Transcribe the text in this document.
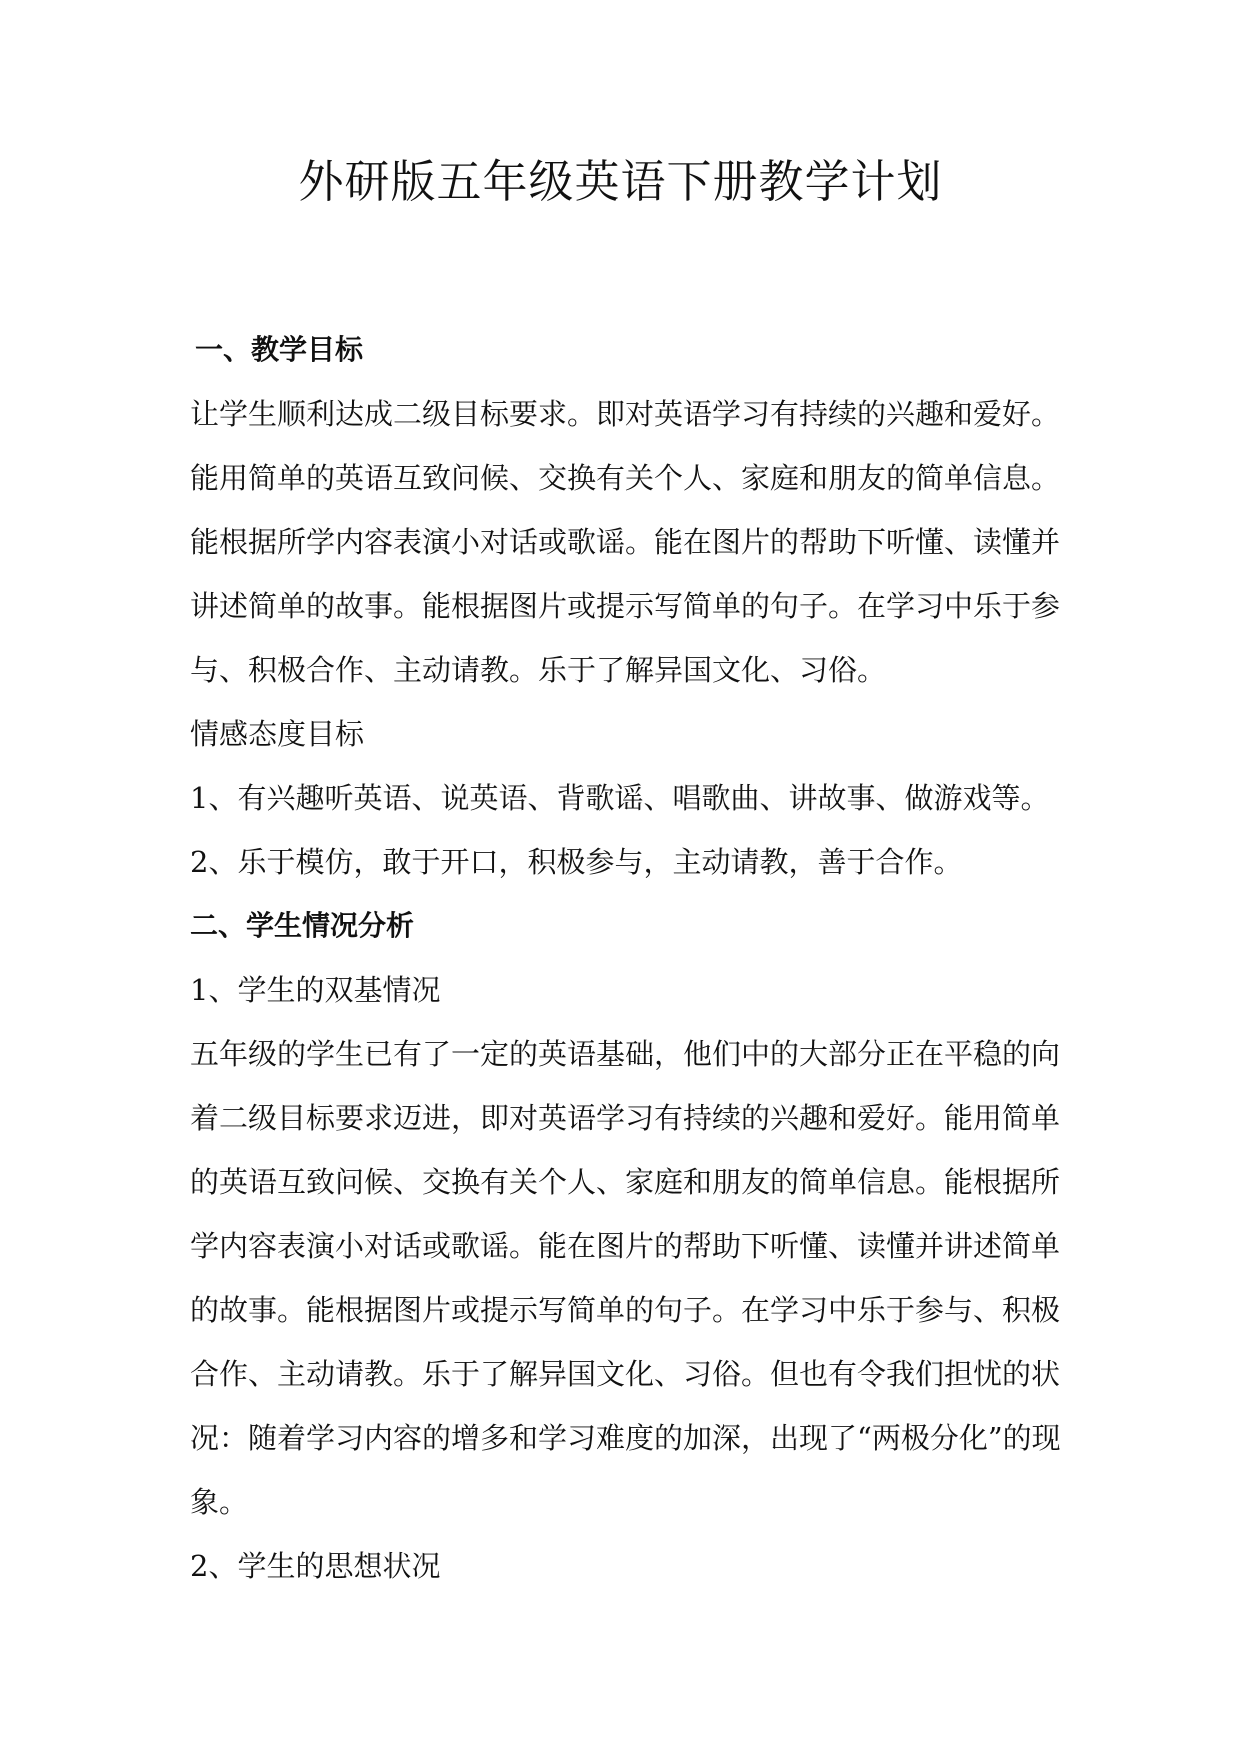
外研版五年级英语下册教学计划
一、教学目标
让学生顺利达成二级目标要求。即对英语学习有持续的兴趣和爱好。
能用简单的英语互致问候、交换有关个人、家庭和朋友的简单信息。
能根据所学内容表演小对话或歌谣。能在图片的帮助下听懂、读懂并
讲述简单的故事。能根据图片或提示写简单的句子。在学习中乐于参
与、积极合作、主动请教。乐于了解异国文化、习俗。
情感态度目标
1、有兴趣听英语、说英语、背歌谣、唱歌曲、讲故事、做游戏等。
2、乐于模仿，敢于开口，积极参与，主动请教，善于合作。
二、学生情况分析
1、学生的双基情况
五年级的学生已有了一定的英语基础，他们中的大部分正在平稳的向
着二级目标要求迈进，即对英语学习有持续的兴趣和爱好。能用简单
的英语互致问候、交换有关个人、家庭和朋友的简单信息。能根据所
学内容表演小对话或歌谣。能在图片的帮助下听懂、读懂并讲述简单
的故事。能根据图片或提示写简单的句子。在学习中乐于参与、积极
合作、主动请教。乐于了解异国文化、习俗。但也有令我们担忧的状
况：随着学习内容的增多和学习难度的加深，出现了“两极分化”的现
象。
2、学生的思想状况
